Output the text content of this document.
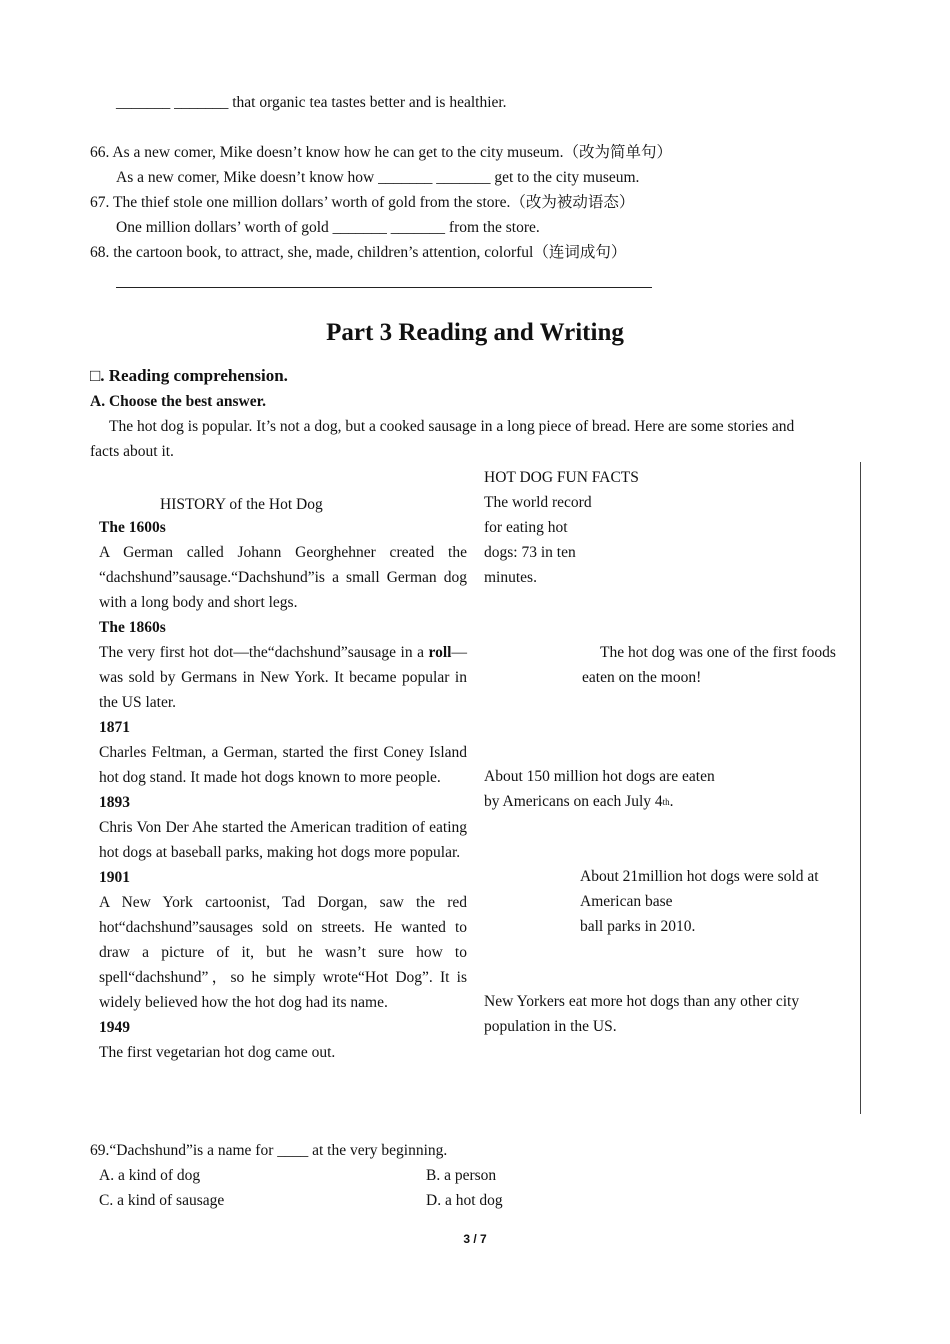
_______ _______ that organic tea tastes better and is healthier.
66. As a new comer, Mike doesn’t know how he can get to the city museum.（改为简单句）
As a new comer, Mike doesn’t know how _______ _______ get to the city museum.
67. The thief stole one million dollars’ worth of gold from the store.（改为被动语态）
One million dollars’ worth of gold _______ _______ from the store.
68. the cartoon book, to attract, she, made, children’s attention, colorful（连词成句）
Part 3 Reading and Writing
□. Reading comprehension.
A. Choose the best answer.
The hot dog is popular. It’s not a dog, but a cooked sausage in a long piece of bread. Here are some stories and
facts about it.
HISTORY of the Hot Dog

The 1600s

A German called Johann Georghehner created the “dachshund”sausage.“Dachshund”is a small German dog with a long body and short legs.

The 1860s

The very first hot dot—the“dachshund”sausage in a roll—was sold by Germans in New York. It became popular in the US later.

1871

Charles Feltman, a German, started the first Coney Island hot dog stand. It made hot dogs known to more people.

1893

Chris Von Der Ahe started the American tradition of eating hot dogs at baseball parks, making hot dogs more popular.

1901

A New York cartoonist, Tad Dorgan, saw the red hot“dachshund”sausages sold on streets. He wanted to draw a picture of it, but he wasn’t sure how to spell“dachshund”，so he simply wrote“Hot Dog”. It is widely believed how the hot dog had its name.

1949

The first vegetarian hot dog came out.

HOT DOG FUN FACTS
The world record
for eating hot
dogs: 73 in ten
minutes.
The hot dog was one of the first foods
eaten on the moon!
About 150 million hot dogs are eaten
by Americans on each July 4th.
About 21million hot dogs were sold at
American base
ball parks in 2010.
New Yorkers eat more hot dogs than any other city
population in the US.
69.“Dachshund”is a name for ____ at the very beginning.
A. a kind of dog	B. a person
C. a kind of sausage	D. a hot dog
3 / 7
